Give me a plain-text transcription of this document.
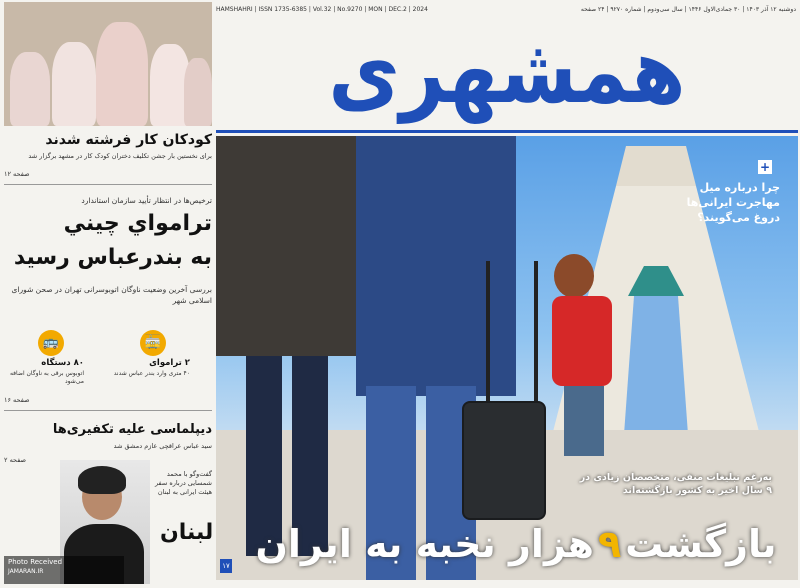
HAMSHAHRI | ISSN 1735-6385 | Vol.32 | No.9270 | MON | DEC.2 | 2024	دوشنبه ۱۲ آذر ۱۴۰۳ | ۳۰ جمادی‌الاول ۱۴۴۶ | سال سی‌ودوم | شماره ۹۲۷۰ | ۲۴ صفحه
همشهری
+
چرا درباره میل مهاجرت ایرانی‌ها دروغ می‌گویند؟
به‌رغم تبلیغات منفی، متخصصان زیادی در ۹ سال اخیر به کشور بازگشته‌اند
بازگشت
۹
هزار نخبه به ایران
۱۷
کودکان کار فرشته شدند
برای نخستین بار جشن تکلیف دختران کودک کار در مشهد برگزار شد
صفحه ۱۲
ترخیص‌ها در انتظار تأیید سازمان استاندارد
ترامواي چيني
به بندرعباس رسيد
بررسی آخرین وضعیت ناوگان اتوبوسرانی تهران در صحن شورای اسلامی شهر
🚋
🚌
۲ تراموای
۴۰ متری وارد بندر عباس شدند
۸۰ دستگاه
اتوبوس برقی به ناوگان اضافه می‌شود
صفحه ۱۶
دیپلماسی علیه تکفیری‌ها
سید عباس عراقچی عازم دمشق شد
صفحه ۲
گفت‌وگو با محمد شمسایی درباره سفر هیئت ایرانی به لبنان
لبنان
Photo Received
JAMARAN.IR
